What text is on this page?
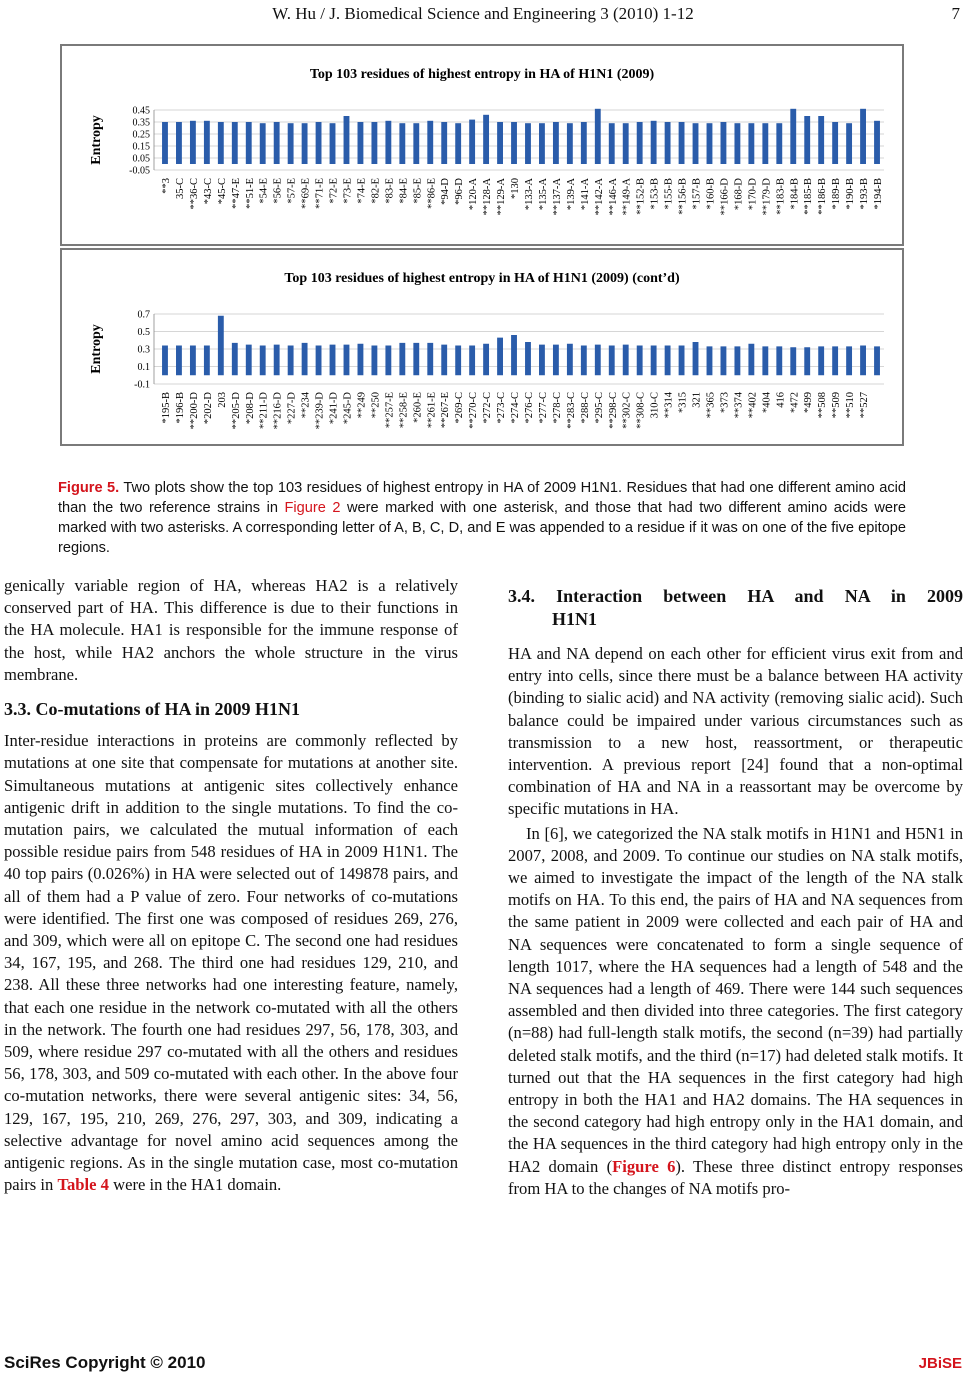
W. Hu / J. Biomedical Science and Engineering 3 (2010) 1-12	7
Top 103 residues of highest entropy in HA of H1N1 (2009)
Entropy
0.45
0.35
0.25
0.15
0.05
-0.05
**3 35-C **36-C *43-C *45-C **47-E **51-E *54-E *56-E *57-E **69-E **71-E *72-E *73-E *74-E *82-E *83-E *84-E *85-E **86-E *94-D *96-D *120-A **128-A **129-A *130 *133-A *135-A **137-A *139-A *141-A **142-A **146-A **149-A **152-B *153-B *155-B **156-B *157-B *160-B **166-D *168-D *170-D **179-D **183-B *184-B **185-B **186-B *189-B *190-B *193-B *194-B
Top 103 residues of highest entropy in HA of H1N1 (2009) (cont’d)
Entropy
0.7
0.5
0.3
0.1
-0.1
*195-B *196-B **200-D *202-D 203 **205-D *208-D **211-D **216-D *227-D **234 **239-D *241-D *245-D **249 **250 **257-E **258-E *260-E **261-E **267-E *269-C **270-C *272-C *273-C *274-C *276-C *277-C *278-C **283-C *288-C *295-C **298-C **302-C **308-C 310-C **314 *315 321 **365 *373 **374 **402 *404 416 *472 *499 **508 **509 **510 **527
Figure 5. Two plots show the top 103 residues of highest entropy in HA of 2009 H1N1. Residues that had one different amino acid than the two reference strains in Figure 2 were marked with one asterisk, and those that had two different amino acids were marked with two asterisks. A corresponding letter of A, B, C, D, and E was appended to a residue if it was on one of the five epitope regions.

genically variable region of HA, whereas HA2 is a relatively conserved part of HA. This difference is due to their functions in the HA molecule. HA1 is responsible for the immune response of the host, while HA2 anchors the whole structure in the virus membrane.

3.3. Co-mutations of HA in 2009 H1N1

Inter-residue interactions in proteins are commonly reflected by mutations at one site that compensate for mutations at another site. Simultaneous mutations at antigenic sites collectively enhance antigenic drift in addition to the single mutations. To find the co-mutation pairs, we calculated the mutual information of each possible residue pairs from 548 residues of HA in 2009 H1N1. The 40 top pairs (0.026%) in HA were selected out of 149878 pairs, and all of them had a P value of zero. Four networks of co-mutations were identified. The first one was composed of residues 269, 276, and 309, which were all on epitope C. The second one had residues 34, 167, 195, and 268. The third one had residues 129, 210, and 238. All these three networks had one interesting feature, namely, that each one residue in the network co-mutated with all the others in the network. The fourth one had residues 297, 56, 178, 303, and 509, where residue 297 co-mutated with all the others and residues 56, 178, 303, and 509 co-mutated with each other. In the above four co-mutation networks, there were several antigenic sites: 34, 56, 129, 167, 195, 210, 269, 276, 297, 303, and 309, indicating a selective advantage for novel amino acid sequences among the antigenic regions. As in the single mutation case, most co-mutation pairs in Table 4 were in the HA1 domain.

3.4. Interaction between HA and NA in 2009
H1N1

HA and NA depend on each other for efficient virus exit from and entry into cells, since there must be a balance between HA activity (binding to sialic acid) and NA activity (removing sialic acid). Such balance could be impaired under various circumstances such as transmission to a new host, reassortment, or therapeutic intervention. A previous report [24] found that a non-optimal combination of HA and NA in a reassortant may be overcome by specific mutations in HA.

In [6], we categorized the NA stalk motifs in H1N1 and H5N1 in 2007, 2008, and 2009. To continue our studies on NA stalk motifs, we aimed to investigate the impact of the length of the NA stalk motifs on HA. To this end, the pairs of HA and NA sequences from the same patient in 2009 were collected and each pair of HA and NA sequences were concatenated to form a single sequence of length 1017, where the HA sequences had a length of 548 and the NA sequences had a length of 469. There were 144 such sequences assembled and then divided into three categories. The first category (n=88) had full-length stalk motifs, the second (n=39) had partially deleted stalk motifs, and the third (n=17) had deleted stalk motifs. It turned out that the HA sequences in the first category had high entropy in both the HA1 and HA2 domains. The HA sequences in the second category had high entropy only in the HA1 domain, and the HA sequences in the third category had high entropy only in the HA2 domain (Figure 6). These three distinct entropy responses from HA to the changes of NA motifs pro-

SciRes Copyright © 2010	JBiSE
